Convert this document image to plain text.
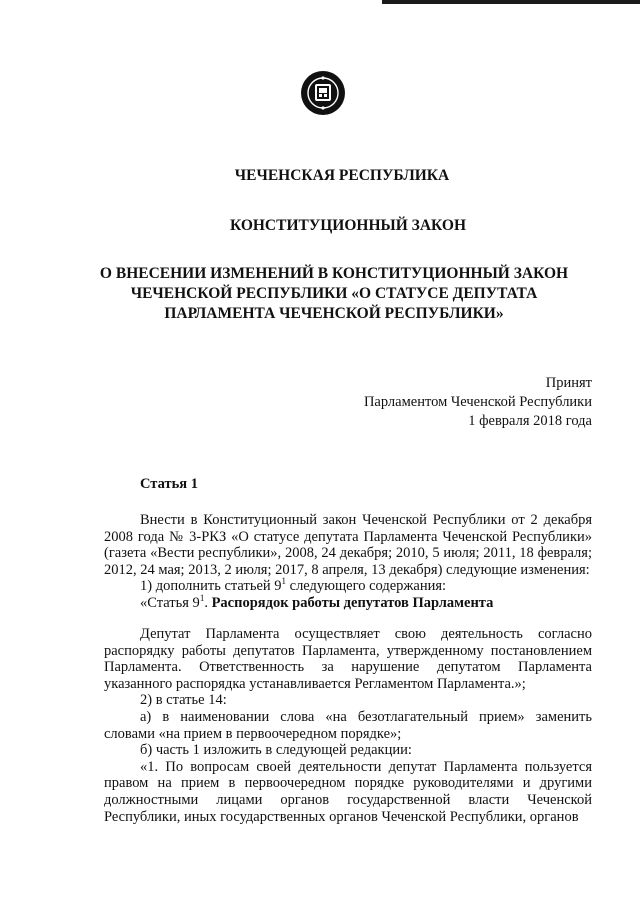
ЧЕЧЕНСКАЯ РЕСПУБЛИКА
КОНСТИТУЦИОННЫЙ ЗАКОН
О ВНЕСЕНИИ ИЗМЕНЕНИЙ В КОНСТИТУЦИОННЫЙ ЗАКОН
ЧЕЧЕНСКОЙ РЕСПУБЛИКИ «О СТАТУСЕ ДЕПУТАТА
ПАРЛАМЕНТА ЧЕЧЕНСКОЙ РЕСПУБЛИКИ»
Принят
Парламентом Чеченской Республики
1 февраля 2018 года
Статья 1

Внести в Конституционный закон Чеченской Республики от 2 декабря 2008 года № 3-РКЗ «О статусе депутата Парламента Чеченской Республики» (газета «Вести республики», 2008, 24 декабря; 2010, 5 июля; 2011, 18 февраля; 2012, 24 мая; 2013, 2 июля; 2017, 8 апреля, 13 декабря) следующие изменения:

1) дополнить статьей $9^1$ следующего содержания:

«Статья $9^1$. Распорядок работы депутатов Парламента

Депутат Парламента осуществляет свою деятельность согласно распорядку работы депутатов Парламента, утвержденному постановлением Парламента. Ответственность за нарушение депутатом Парламента указанного распорядка устанавливается Регламентом Парламента.»;

2) в статье 14:

а) в наименовании слова «на безотлагательный прием» заменить словами «на прием в первоочередном порядке»;

б) часть 1 изложить в следующей редакции:

«1. По вопросам своей деятельности депутат Парламента пользуется правом на прием в первоочередном порядке руководителями и другими должностными лицами органов государственной власти Чеченской Республики, иных государственных органов Чеченской Республики, органов
